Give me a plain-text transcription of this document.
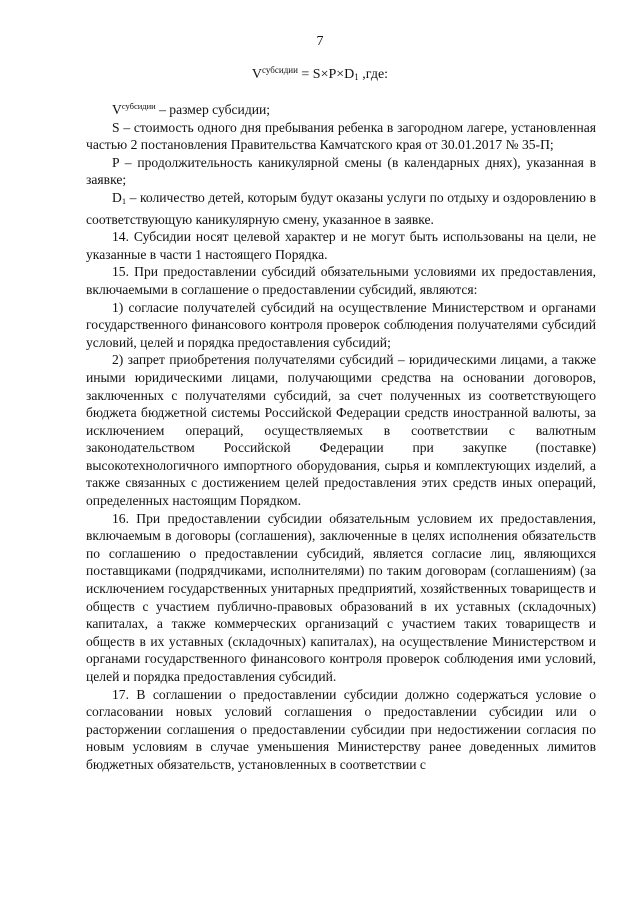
7
$V^{субсидии} = S\times P\times D_1$ ,где:

$V^{субсидии}$ – размер субсидии;

S – стоимость одного дня пребывания ребенка в загородном лагере, установленная частью 2 постановления Правительства Камчатского края от 30.01.2017 № 35-П;

P – продолжительность каникулярной смены (в календарных днях), указанная в заявке;

$D_1$ – количество детей, которым будут оказаны услуги по отдыху и оздоровлению в соответствующую каникулярную смену, указанное в заявке.

14. Субсидии носят целевой характер и не могут быть использованы на цели, не указанные в части 1 настоящего Порядка.

15. При предоставлении субсидий обязательными условиями их предоставления, включаемыми в соглашение о предоставлении субсидий, являются:

1) согласие получателей субсидий на осуществление Министерством и органами государственного финансового контроля проверок соблюдения получателями субсидий условий, целей и порядка предоставления субсидий;

2) запрет приобретения получателями субсидий – юридическими лицами, а также иными юридическими лицами, получающими средства на основании договоров, заключенных с получателями субсидий, за счет полученных из соответствующего бюджета бюджетной системы Российской Федерации средств иностранной валюты, за исключением операций, осуществляемых в соответствии с валютным законодательством Российской Федерации при закупке (поставке) высокотехнологичного импортного оборудования, сырья и комплектующих изделий, а также связанных с достижением целей предоставления этих средств иных операций, определенных настоящим Порядком.

16. При предоставлении субсидии обязательным условием их предоставления, включаемым в договоры (соглашения), заключенные в целях исполнения обязательств по соглашению о предоставлении субсидий, является согласие лиц, являющихся поставщиками (подрядчиками, исполнителями) по таким договорам (соглашениям) (за исключением государственных унитарных предприятий, хозяйственных товариществ и обществ с участием публично-правовых образований в их уставных (складочных) капиталах, а также коммерческих организаций с участием таких товариществ и обществ в их уставных (складочных) капиталах), на осуществление Министерством и органами государственного финансового контроля проверок соблюдения ими условий, целей и порядка предоставления субсидий.

17. В соглашении о предоставлении субсидии должно содержаться условие о согласовании новых условий соглашения о предоставлении субсидии или о расторжении соглашения о предоставлении субсидии при недостижении согласия по новым условиям в случае уменьшения Министерству ранее доведенных лимитов бюджетных обязательств, установленных в соответствии с
